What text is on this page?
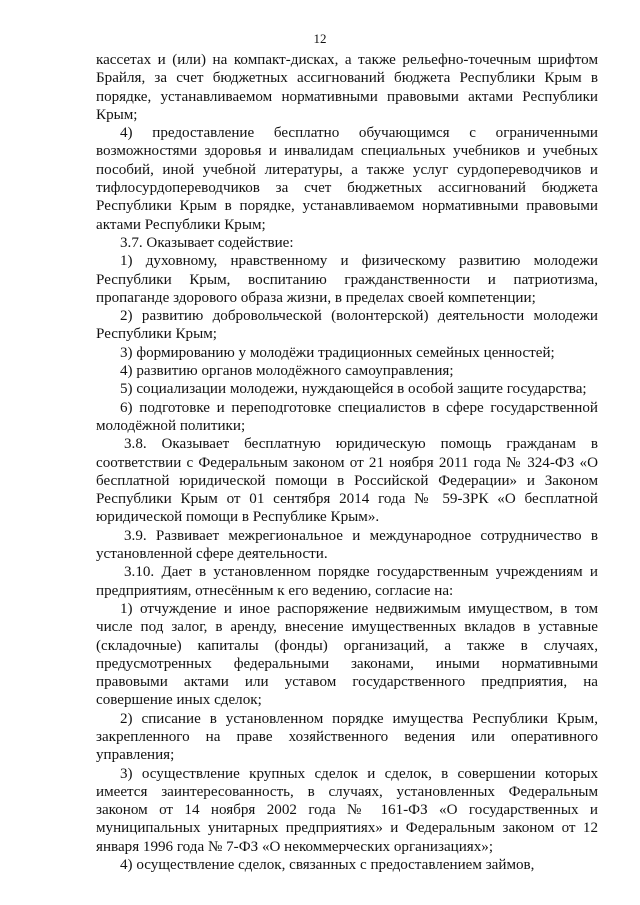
12

кассетах и (или) на компакт-дисках, а также рельефно-точечным шрифтом Брайля, за счет бюджетных ассигнований бюджета Республики Крым в порядке, устанавливаемом нормативными правовыми актами Республики Крым;

4) предоставление бесплатно обучающимся с ограниченными возможностями здоровья и инвалидам специальных учебников и учебных пособий, иной учебной литературы, а также услуг сурдопереводчиков и тифлосурдопереводчиков за счет бюджетных ассигнований бюджета Республики Крым в порядке, устанавливаемом нормативными правовыми актами Республики Крым;

3.7. Оказывает содействие:

1) духовному, нравственному и физическому развитию молодежи Республики Крым, воспитанию гражданственности и патриотизма, пропаганде здорового образа жизни, в пределах своей компетенции;

2) развитию добровольческой (волонтерской) деятельности молодежи Республики Крым;

3) формированию у молодёжи традиционных семейных ценностей;

4) развитию органов молодёжного самоуправления;

5) социализации молодежи, нуждающейся в особой защите государства;

6) подготовке и переподготовке специалистов в сфере государственной молодёжной политики;

3.8. Оказывает бесплатную юридическую помощь гражданам в соответствии с Федеральным законом от 21 ноября 2011 года № 324-ФЗ «О бесплатной юридической помощи в Российской Федерации» и Законом Республики Крым от 01 сентября 2014 года № 59-ЗРК «О бесплатной юридической помощи в Республике Крым».

3.9. Развивает межрегиональное и международное сотрудничество в установленной сфере деятельности.

3.10. Дает в установленном порядке государственным учреждениям и предприятиям, отнесённым к его ведению, согласие на:

1) отчуждение и иное распоряжение недвижимым имуществом, в том числе под залог, в аренду, внесение имущественных вкладов в уставные (складочные) капиталы (фонды) организаций, а также в случаях, предусмотренных федеральными законами, иными нормативными правовыми актами или уставом государственного предприятия, на совершение иных сделок;

2) списание в установленном порядке имущества Республики Крым, закрепленного на праве хозяйственного ведения или оперативного управления;

3) осуществление крупных сделок и сделок, в совершении которых имеется заинтересованность, в случаях, установленных Федеральным законом от 14 ноября 2002 года № 161-ФЗ «О государственных и муниципальных унитарных предприятиях» и Федеральным законом от 12 января 1996 года № 7-ФЗ «О некоммерческих организациях»;

4) осуществление сделок, связанных с предоставлением займов,
